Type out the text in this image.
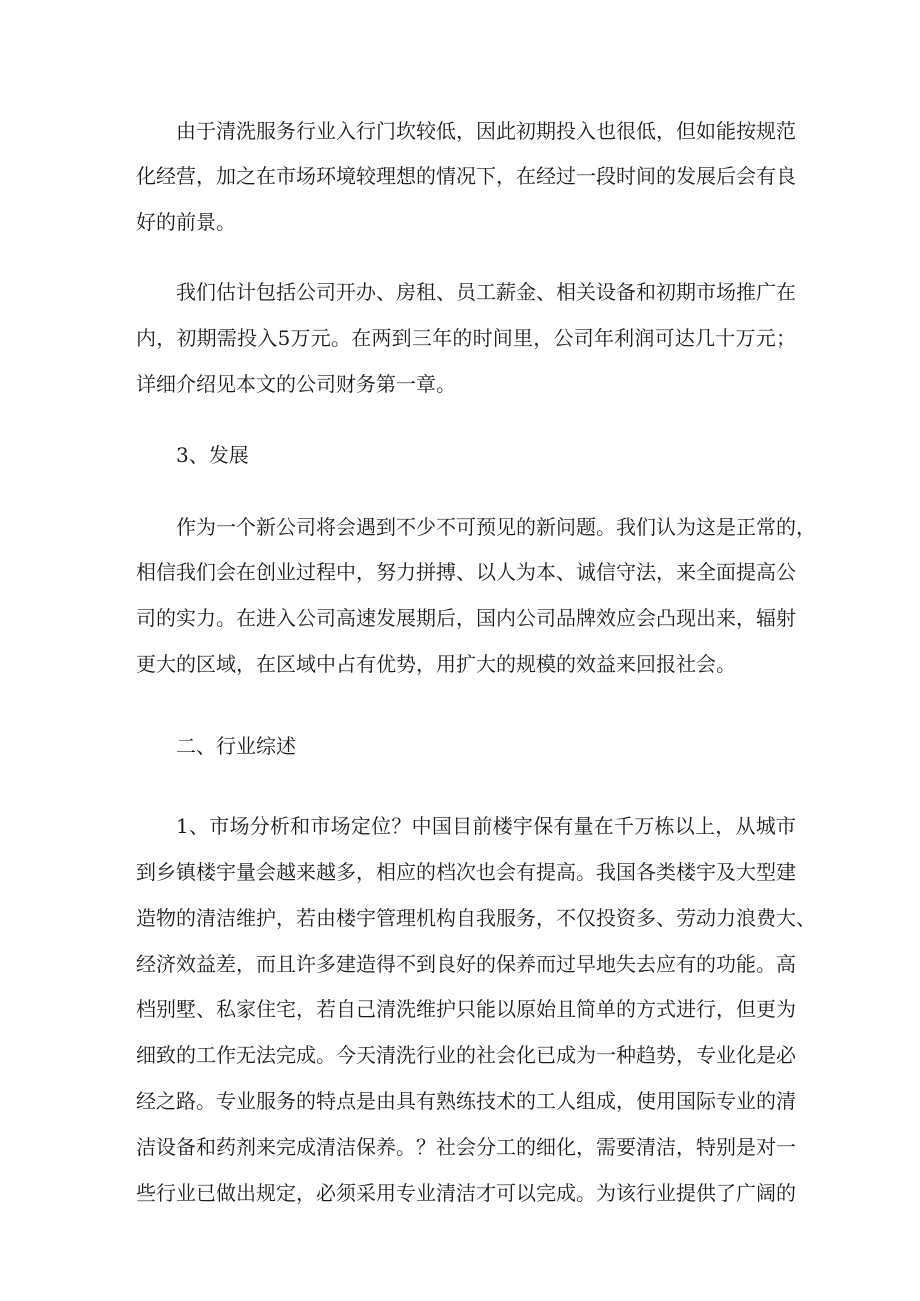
由于清洗服务行业入行门坎较低，因此初期投入也很低，但如能按规范
化经营，加之在市场环境较理想的情况下，在经过一段时间的发展后会有良
好的前景。
我们估计包括公司开办、房租、员工薪金、相关设备和初期市场推广在
内，初期需投入5万元。在两到三年的时间里，公司年利润可达几十万元；
详细介绍见本文的公司财务第一章。
3、发展
作为一个新公司将会遇到不少不可预见的新问题。我们认为这是正常的，
相信我们会在创业过程中，努力拼搏、以人为本、诚信守法，来全面提高公
司的实力。在进入公司高速发展期后，国内公司品牌效应会凸现出来，辐射
更大的区域，在区域中占有优势，用扩大的规模的效益来回报社会。
二、行业综述
1、市场分析和市场定位？中国目前楼宇保有量在千万栋以上，从城市
到乡镇楼宇量会越来越多，相应的档次也会有提高。我国各类楼宇及大型建
造物的清洁维护，若由楼宇管理机构自我服务，不仅投资多、劳动力浪费大、
经济效益差，而且许多建造得不到良好的保养而过早地失去应有的功能。高
档别墅、私家住宅，若自己清洗维护只能以原始且简单的方式进行，但更为
细致的工作无法完成。今天清洗行业的社会化已成为一种趋势，专业化是必
经之路。专业服务的特点是由具有熟练技术的工人组成，使用国际专业的清
洁设备和药剂来完成清洁保养。？社会分工的细化，需要清洁，特别是对一
些行业已做出规定，必须采用专业清洁才可以完成。为该行业提供了广阔的
